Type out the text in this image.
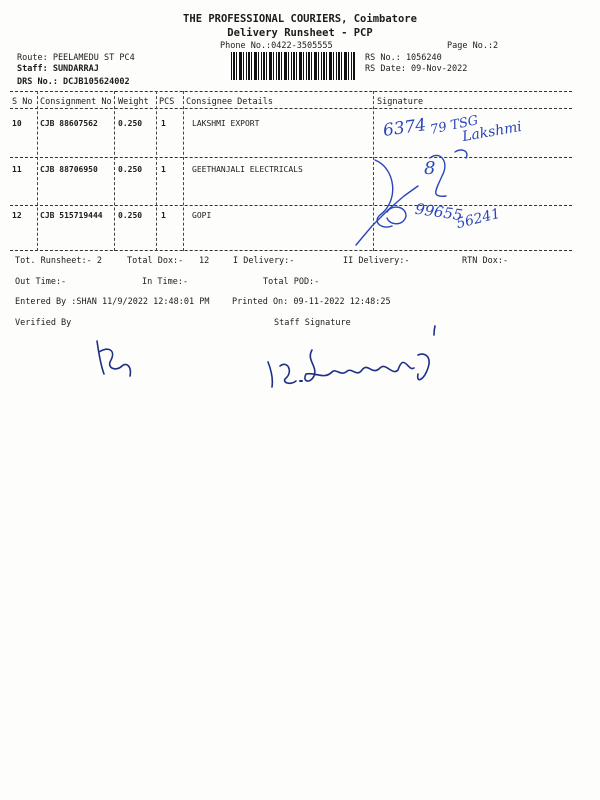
THE PROFESSIONAL COURIERS, Coimbatore
Delivery Runsheet - PCP
Phone No.:0422-3505555	Page No.:2
Route: PEELAMEDU ST PC4
Staff: SUNDARRAJ
DRS No.: DCJB105624002
RS No.: 1056240
RS Date: 09-Nov-2022
S No Consignment No Weight PCS Consignee Details	Signature
10 CJB 88607562	0.250 1	LAKSHMI EXPORT
11 CJB 88706950	0.250 1	GEETHANJALI ELECTRICALS
12 CJB 515719444 0.250 1	GOPI
Tot. Runsheet:- 2	Total Dox:- 12	I Delivery:-	II Delivery:-	RTN Dox:-
Out Time:-	In Time:-	Total POD:-
Entered By :SHAN 11/9/2022 12:48:01 PM	Printed On: 09-11-2022 12:48:25
Verified By	Staff Signature
6374 79 TSG
Lakshmi
8
99655
56241
